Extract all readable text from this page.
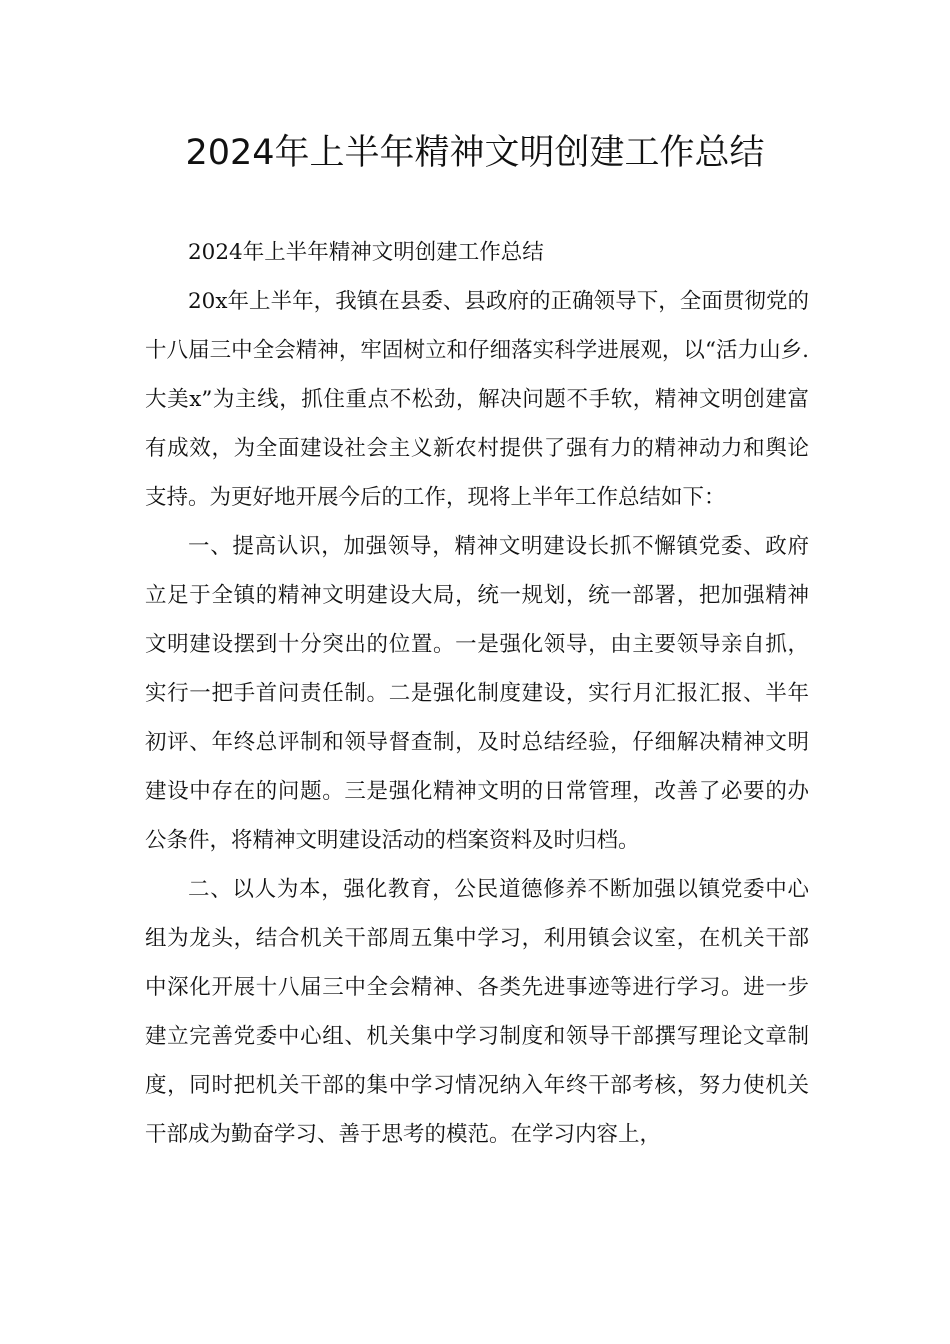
2024年上半年精神文明创建工作总结

2024年上半年精神文明创建工作总结

20x年上半年，我镇在县委、县政府的正确领导下，全面贯彻党的十八届三中全会精神，牢固树立和仔细落实科学进展观，以“活力山乡.大美x”为主线，抓住重点不松劲，解决问题不手软，精神文明创建富有成效，为全面建设社会主义新农村提供了强有力的精神动力和舆论支持。为更好地开展今后的工作，现将上半年工作总结如下：

一、提高认识，加强领导，精神文明建设长抓不懈镇党委、政府立足于全镇的精神文明建设大局，统一规划，统一部署，把加强精神文明建设摆到十分突出的位置。一是强化领导，由主要领导亲自抓，实行一把手首问责任制。二是强化制度建设，实行月汇报汇报、半年初评、年终总评制和领导督查制，及时总结经验，仔细解决精神文明建设中存在的问题。三是强化精神文明的日常管理，改善了必要的办公条件，将精神文明建设活动的档案资料及时归档。

二、以人为本，强化教育，公民道德修养不断加强以镇党委中心组为龙头，结合机关干部周五集中学习，利用镇会议室，在机关干部中深化开展十八届三中全会精神、各类先进事迹等进行学习。进一步建立完善党委中心组、机关集中学习制度和领导干部撰写理论文章制度，同时把机关干部的集中学习情况纳入年终干部考核，努力使机关干部成为勤奋学习、善于思考的模范。在学习内容上，
